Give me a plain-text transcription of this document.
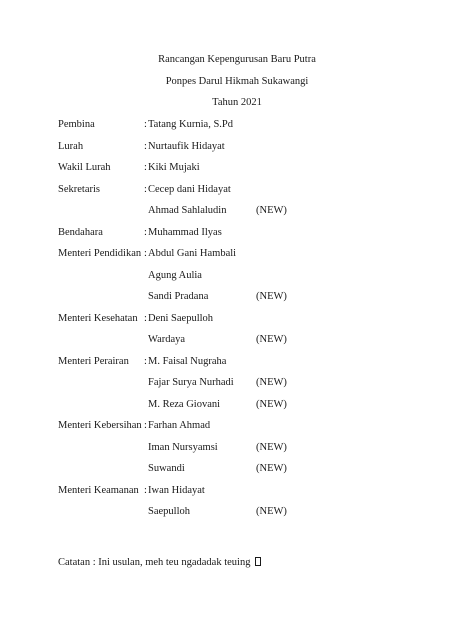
Rancangan Kepengurusan Baru Putra
Ponpes Darul Hikmah Sukawangi
Tahun 2021
Pembina	: Tatang Kurnia, S.Pd
Lurah	: Nurtaufik Hidayat
Wakil Lurah	: Kiki Mujaki
Sekretaris	: Cecep dani Hidayat
Ahmad Sahlaludin	(NEW)
Bendahara	: Muhammad Ilyas
Menteri Pendidikan : Abdul Gani Hambali
Agung Aulia
Sandi Pradana	(NEW)
Menteri Kesehatan : Deni Saepulloh
Wardaya	(NEW)
Menteri Perairan : M. Faisal Nugraha
Fajar Surya Nurhadi (NEW)
M. Reza Giovani	(NEW)
Menteri Kebersihan : Farhan Ahmad
Iman Nursyamsi	(NEW)
Suwandi	(NEW)
Menteri Keamanan : Iwan Hidayat
Saepulloh	(NEW)
Catatan : Ini usulan, meh teu ngadadak teuing
